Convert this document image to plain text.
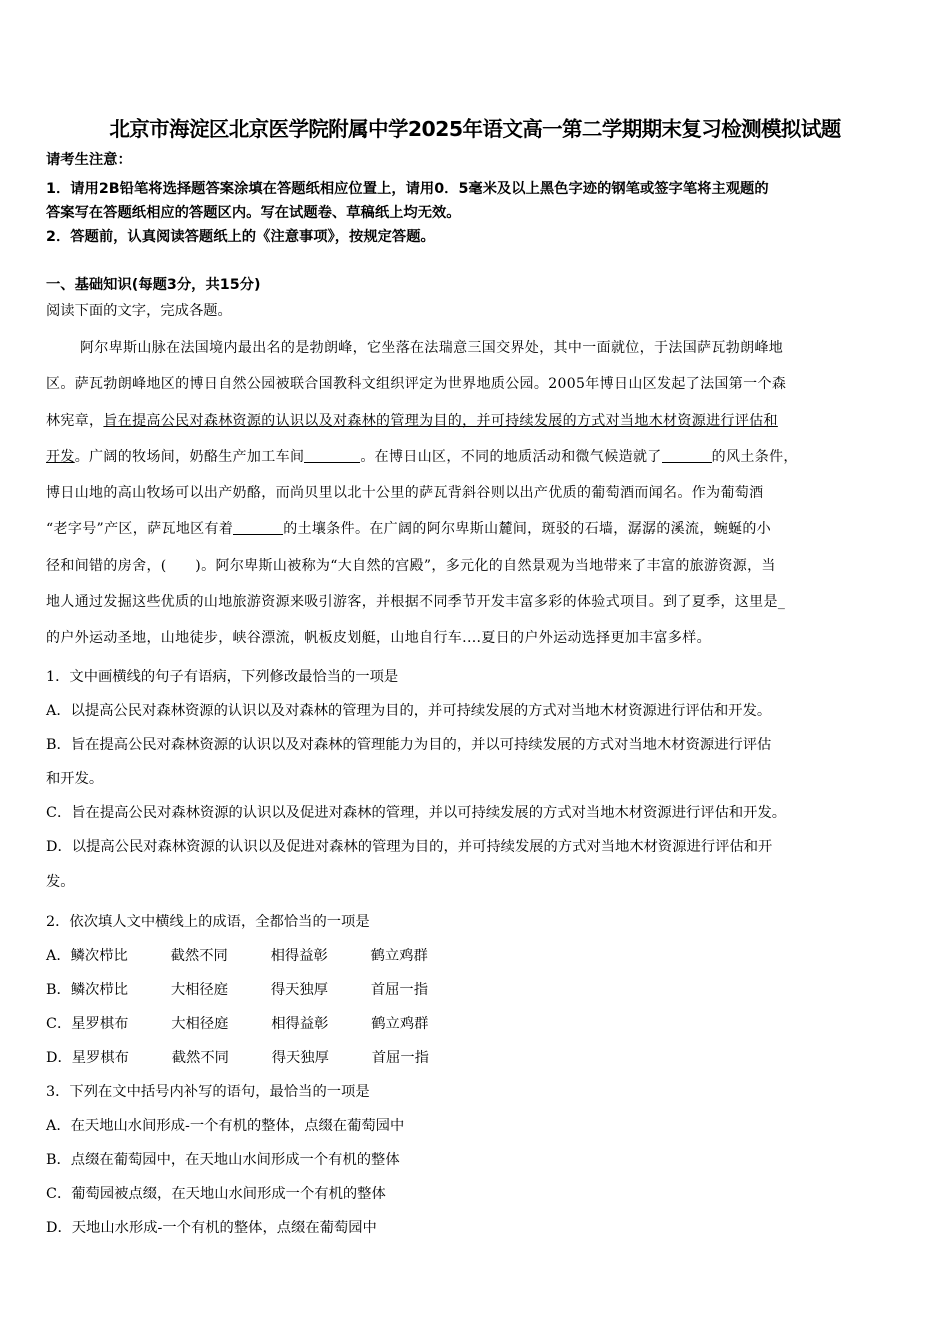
北京市海淀区北京医学院附属中学2025年语文高一第二学期期末复习检测模拟试题
请考生注意：
1．请用2B铅笔将选择题答案涂填在答题纸相应位置上，请用0．5毫米及以上黑色字迹的钢笔或签字笔将主观题的
答案写在答题纸相应的答题区内。写在试题卷、草稿纸上均无效。
2．答题前，认真阅读答题纸上的《注意事项》，按规定答题。
一、基础知识(每题3分，共15分)
阅读下面的文字，完成各题。
阿尔卑斯山脉在法国境内最出名的是勃朗峰，它坐落在法瑞意三国交界处，其中一面就位，于法国萨瓦勃朗峰地
区。萨瓦勃朗峰地区的博日自然公园被联合国教科文组织评定为世界地质公园。2005年博日山区发起了法国第一个森
林宪章，旨在提高公民对森林资源的认识以及对森林的管理为目的，并可持续发展的方式对当地木材资源进行评估和
开发。广阔的牧场间，奶酪生产加工车间	。在博日山区，不同的地质活动和微气候造就了	的风土条件，
博日山地的高山牧场可以出产奶酪，而尚贝里以北十公里的萨瓦背斜谷则以出产优质的葡萄酒而闻名。作为葡萄酒
“老字号”产区，萨瓦地区有着	的土壤条件。在广阔的阿尔卑斯山麓间，斑驳的石墙，潺潺的溪流，蜿蜒的小
径和间错的房舍，(　　)。阿尔卑斯山被称为“大自然的宫殿”，多元化的自然景观为当地带来了丰富的旅游资源，当
地人通过发掘这些优质的山地旅游资源来吸引游客，并根据不同季节开发丰富多彩的体验式项目。到了夏季，这里是_
的户外运动圣地，山地徒步，峡谷漂流，帆板皮划艇，山地自行车....夏日的户外运动选择更加丰富多样。
1．文中画横线的句子有语病，下列修改最恰当的一项是
A．以提高公民对森林资源的认识以及对森林的管理为目的，并可持续发展的方式对当地木材资源进行评估和开发。
B．旨在提高公民对森林资源的认识以及对森林的管理能力为目的，并以可持续发展的方式对当地木材资源进行评估
和开发。
C．旨在提高公民对森林资源的认识以及促进对森林的管理，并以可持续发展的方式对当地木材资源进行评估和开发。
D．以提高公民对森林资源的认识以及促进对森林的管理为目的，并可持续发展的方式对当地木材资源进行评估和开
发。
2．依次填人文中横线上的成语，全都恰当的一项是
A．鳞次栉比	截然不同	相得益彰	鹤立鸡群
B．鳞次栉比	大相径庭	得天独厚	首屈一指
C．星罗棋布	大相径庭	相得益彰	鹤立鸡群
D．星罗棋布	截然不同	得天独厚	首屈一指
3．下列在文中括号内补写的语句，最恰当的一项是
A．在天地山水间形成-一个有机的整体，点缀在葡萄园中
B．点缀在葡萄园中，在天地山水间形成一个有机的整体
C．葡萄园被点缀，在天地山水间形成一个有机的整体
D．天地山水形成-一个有机的整体，点缀在葡萄园中
